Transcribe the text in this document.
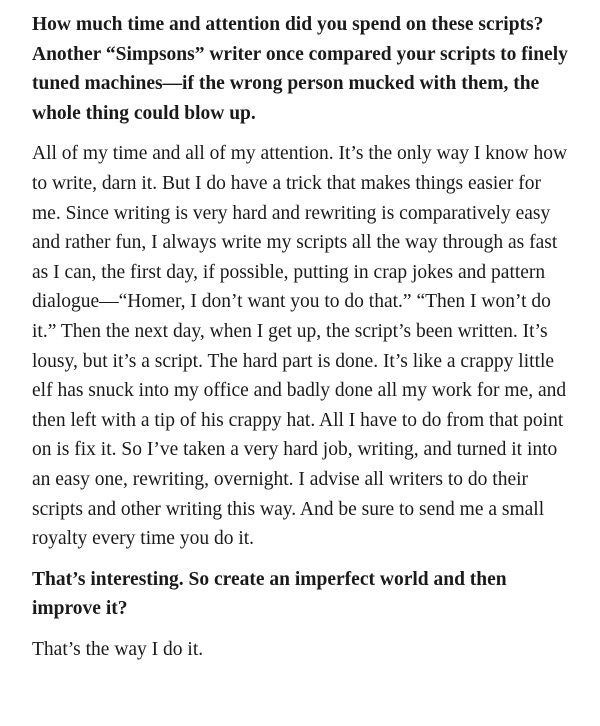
How much time and attention did you spend on these scripts? Another “Simpsons” writer once compared your scripts to finely tuned machines—if the wrong person mucked with them, the whole thing could blow up.

All of my time and all of my attention. It’s the only way I know how to write, darn it. But I do have a trick that makes things easier for me. Since writing is very hard and rewriting is comparatively easy and rather fun, I always write my scripts all the way through as fast as I can, the first day, if possible, putting in crap jokes and pattern dialogue—“Homer, I don’t want you to do that.” “Then I won’t do it.” Then the next day, when I get up, the script’s been written. It’s lousy, but it’s a script. The hard part is done. It’s like a crappy little elf has snuck into my office and badly done all my work for me, and then left with a tip of his crappy hat. All I have to do from that point on is fix it. So I’ve taken a very hard job, writing, and turned it into an easy one, rewriting, overnight. I advise all writers to do their scripts and other writing this way. And be sure to send me a small royalty every time you do it.

That’s interesting. So create an imperfect world and then improve it?

That’s the way I do it.
